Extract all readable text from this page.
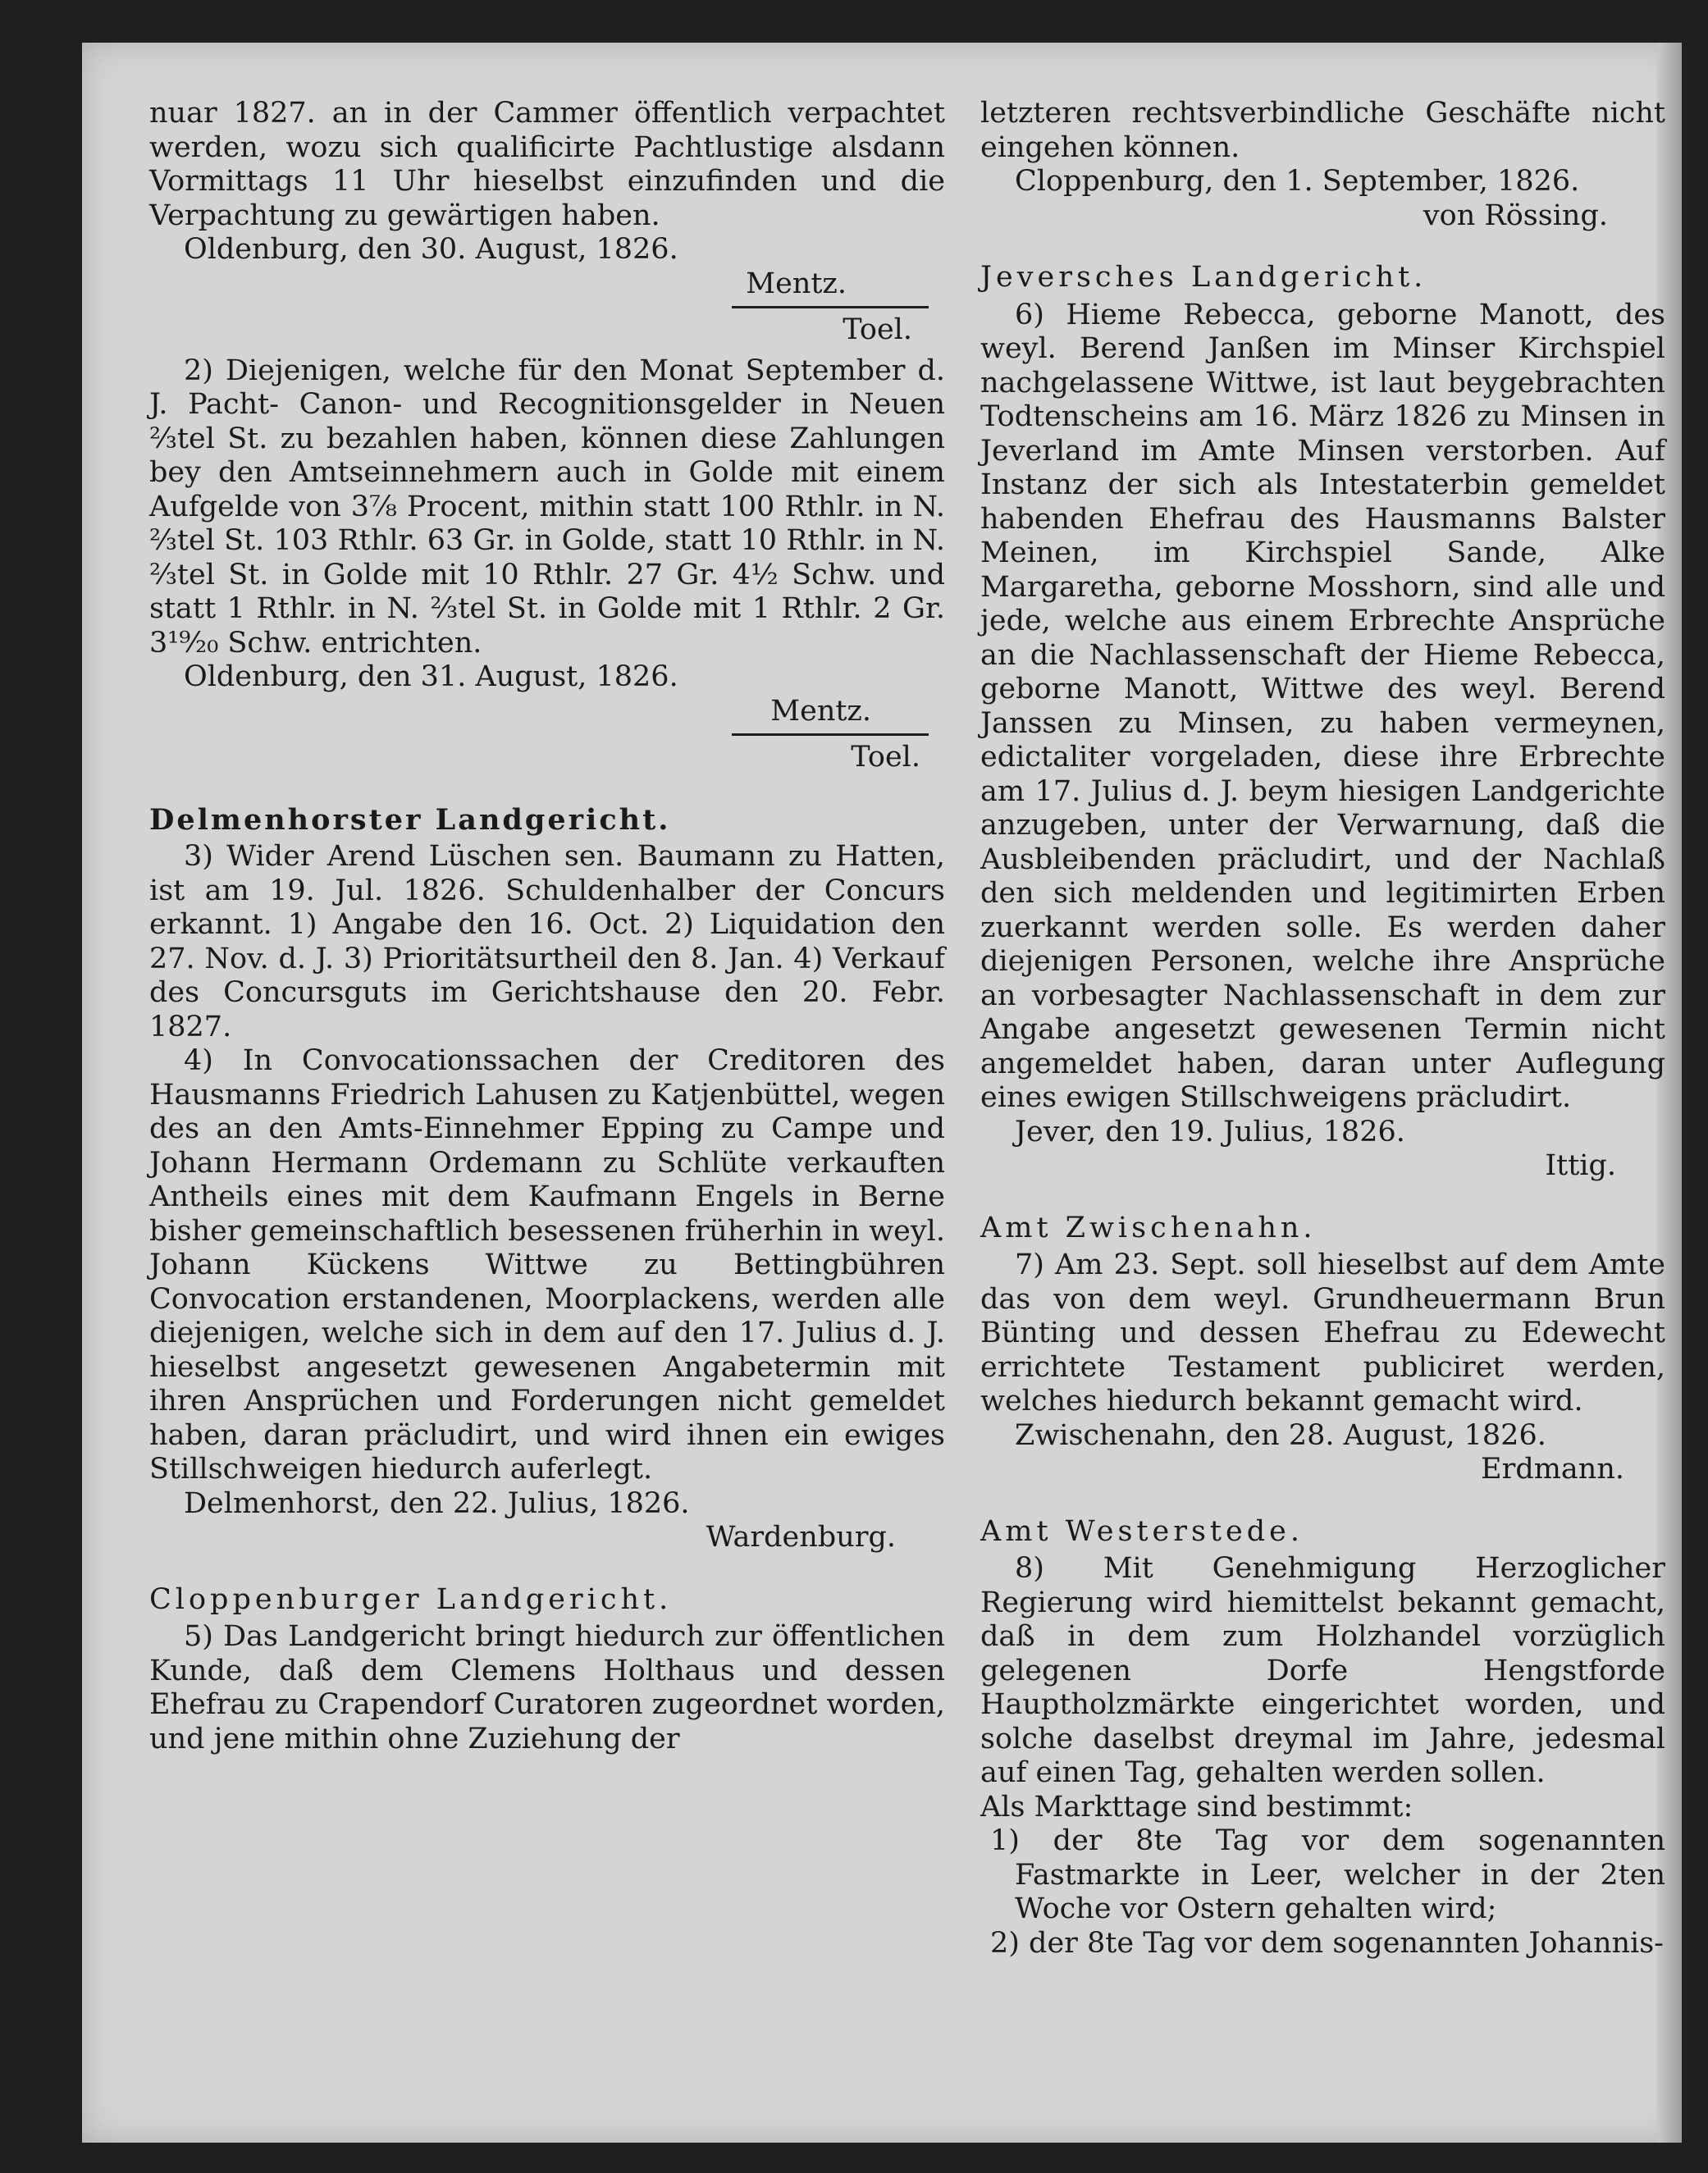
nuar 1827. an in der Cammer öffentlich verpachtet werden, wozu sich qualificirte Pachtlustige alsdann Vormittags 11 Uhr hieselbst einzufinden und die Verpachtung zu gewärtigen haben.

Oldenburg, den 30. August, 1826.

Mentz.

Toel.

2) Diejenigen, welche für den Monat September d. J. Pacht- Canon- und Recognitionsgelder in Neuen ⅔tel St. zu bezahlen haben, können diese Zahlungen bey den Amtseinnehmern auch in Golde mit einem Aufgelde von 3⅞ Procent, mithin statt 100 Rthlr. in N. ⅔tel St. 103 Rthlr. 63 Gr. in Golde, statt 10 Rthlr. in N. ⅔tel St. in Golde mit 10 Rthlr. 27 Gr. 4½ Schw. und statt 1 Rthlr. in N. ⅔tel St. in Golde mit 1 Rthlr. 2 Gr. 3¹⁹⁄₂₀ Schw. entrichten.

Oldenburg, den 31. August, 1826.

Mentz.

Toel.

Delmenhorster Landgericht.

3) Wider Arend Lüschen sen. Baumann zu Hatten, ist am 19. Jul. 1826. Schuldenhalber der Concurs erkannt. 1) Angabe den 16. Oct. 2) Liquidation den 27. Nov. d. J. 3) Prioritätsurtheil den 8. Jan. 4) Verkauf des Concursguts im Gerichtshause den 20. Febr. 1827.

4) In Convocationssachen der Creditoren des Hausmanns Friedrich Lahusen zu Katjenbüttel, wegen des an den Amts-Einnehmer Epping zu Campe und Johann Hermann Ordemann zu Schlüte verkauften Antheils eines mit dem Kaufmann Engels in Berne bisher gemeinschaftlich besessenen früherhin in weyl. Johann Kückens Wittwe zu Bettingbühren Convocation erstandenen, Moorplackens, werden alle diejenigen, welche sich in dem auf den 17. Julius d. J. hieselbst angesetzt gewesenen Angabetermin mit ihren Ansprüchen und Forderungen nicht gemeldet haben, daran präcludirt, und wird ihnen ein ewiges Stillschweigen hiedurch auferlegt.

Delmenhorst, den 22. Julius, 1826.

Wardenburg.

Cloppenburger Landgericht.

5) Das Landgericht bringt hiedurch zur öffentlichen Kunde, daß dem Clemens Holthaus und dessen Ehefrau zu Crapendorf Curatoren zugeordnet worden, und jene mithin ohne Zuziehung der

letzteren rechtsverbindliche Geschäfte nicht eingehen können.

Cloppenburg, den 1. September, 1826.

von Rössing.

Jeversches Landgericht.

6) Hieme Rebecca, geborne Manott, des weyl. Berend Janßen im Minser Kirchspiel nachgelassene Wittwe, ist laut beygebrachten Todtenscheins am 16. März 1826 zu Minsen in Jeverland im Amte Minsen verstorben. Auf Instanz der sich als Intestaterbin gemeldet habenden Ehefrau des Hausmanns Balster Meinen, im Kirchspiel Sande, Alke Margaretha, geborne Mosshorn, sind alle und jede, welche aus einem Erbrechte Ansprüche an die Nachlassenschaft der Hieme Rebecca, geborne Manott, Wittwe des weyl. Berend Janssen zu Minsen, zu haben vermeynen, edictaliter vorgeladen, diese ihre Erbrechte am 17. Julius d. J. beym hiesigen Landgerichte anzugeben, unter der Verwarnung, daß die Ausbleibenden präcludirt, und der Nachlaß den sich meldenden und legitimirten Erben zuerkannt werden solle. Es werden daher diejenigen Personen, welche ihre Ansprüche an vorbesagter Nachlassenschaft in dem zur Angabe angesetzt gewesenen Termin nicht angemeldet haben, daran unter Auflegung eines ewigen Stillschweigens präcludirt.

Jever, den 19. Julius, 1826.

Ittig.

Amt Zwischenahn.

7) Am 23. Sept. soll hieselbst auf dem Amte das von dem weyl. Grundheuermann Brun Bünting und dessen Ehefrau zu Edewecht errichtete Testament publiciret werden, welches hiedurch bekannt gemacht wird.

Zwischenahn, den 28. August, 1826.

Erdmann.

Amt Westerstede.

8) Mit Genehmigung Herzoglicher Regierung wird hiemittelst bekannt gemacht, daß in dem zum Holzhandel vorzüglich gelegenen Dorfe Hengstforde Hauptholzmärkte eingerichtet worden, und solche daselbst dreymal im Jahre, jedesmal auf einen Tag, gehalten werden sollen.

Als Markttage sind bestimmt:

1) der 8te Tag vor dem sogenannten Fastmarkte in Leer, welcher in der 2ten Woche vor Ostern gehalten wird;

2) der 8te Tag vor dem sogenannten Johannis-
